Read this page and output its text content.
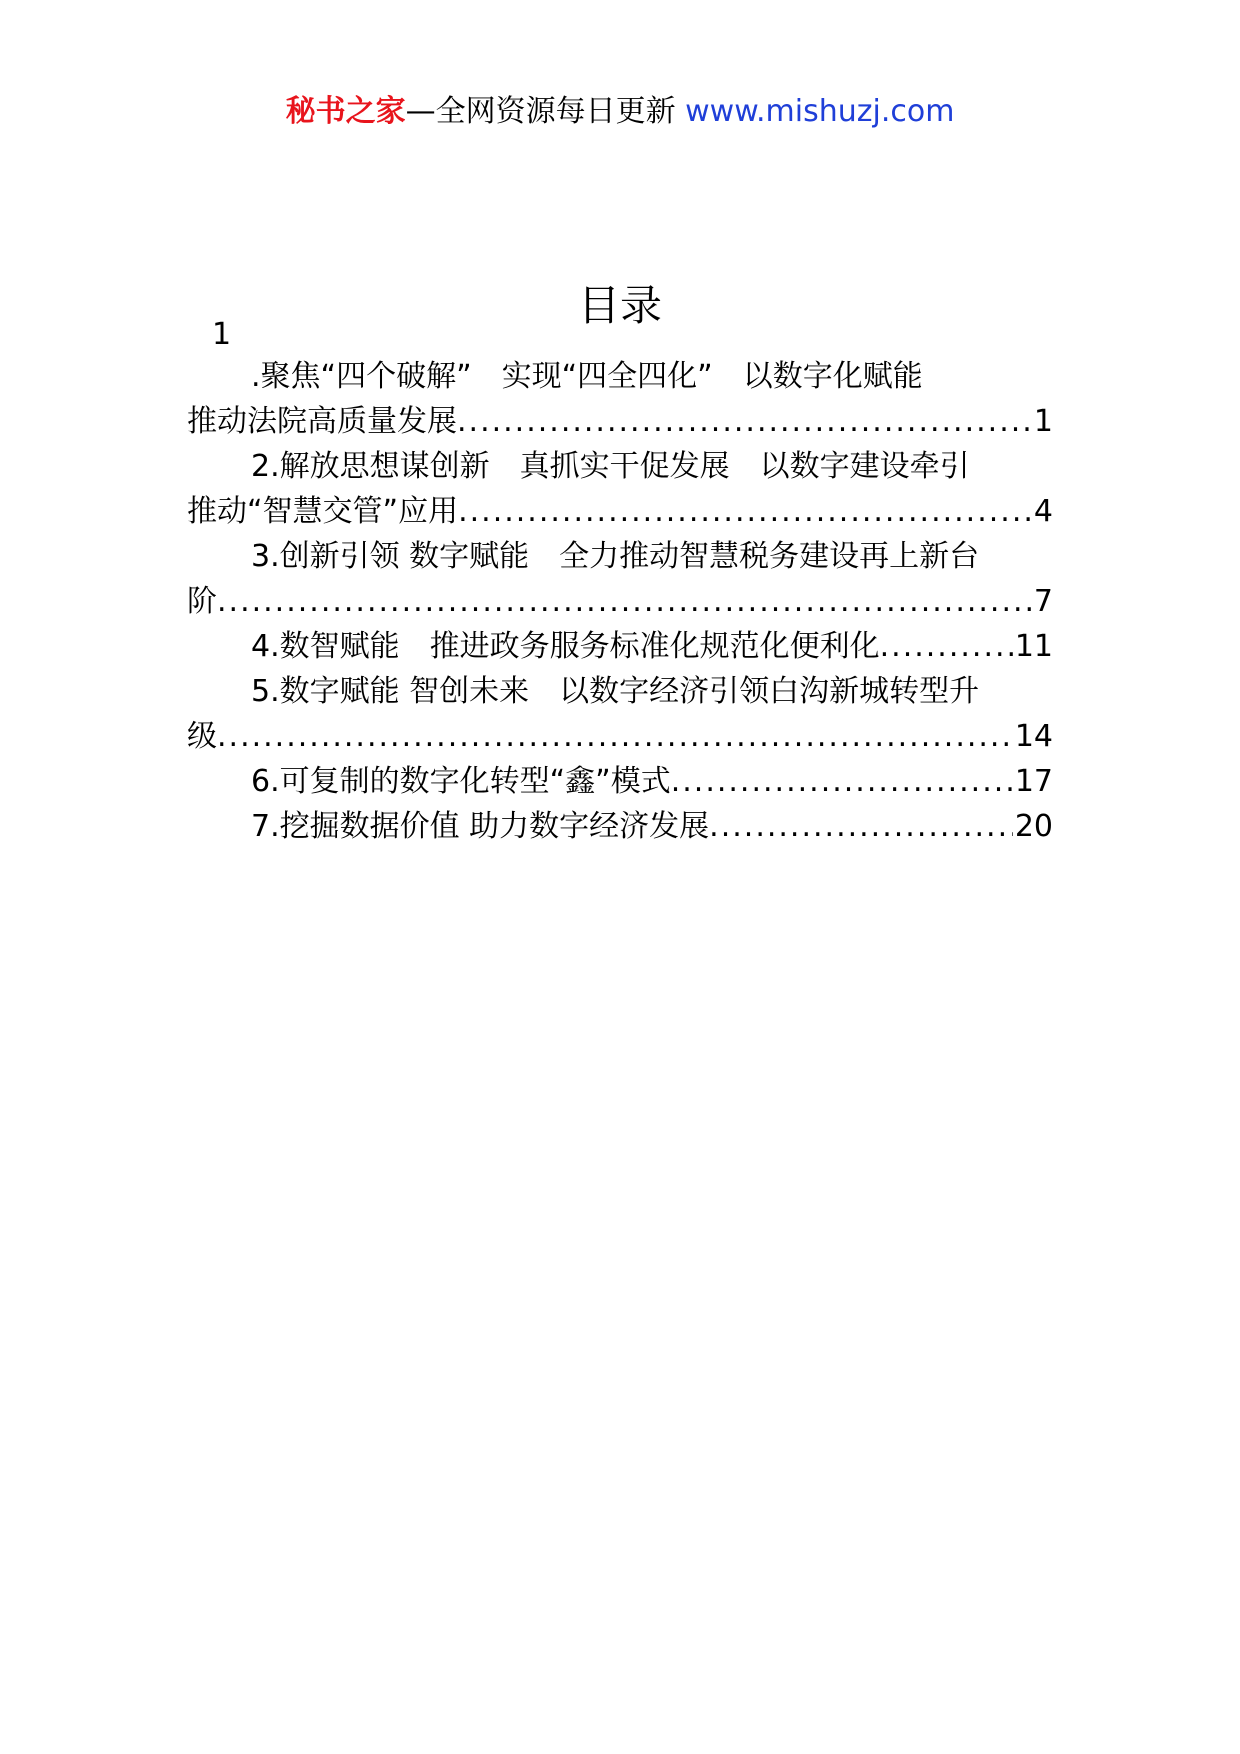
秘书之家—全网资源每日更新 www.mishuzj.com
目录
1
.聚焦“四个破解”　实现“四全四化”　以数字化赋能
推动法院高质量发展 .....	1
2.解放思想谋创新　真抓实干促发展　以数字建设牵引
推动“智慧交管”应用 .....	4
3.创新引领 数字赋能　全力推动智慧税务建设再上新台
阶 .....	7
4.数智赋能　推进政务服务标准化规范化便利化 .....	11
5.数字赋能 智创未来　以数字经济引领白沟新城转型升
级 .....	14
6.可复制的数字化转型“鑫”模式 .....	17
7.挖掘数据价值 助力数字经济发展 .....	20
